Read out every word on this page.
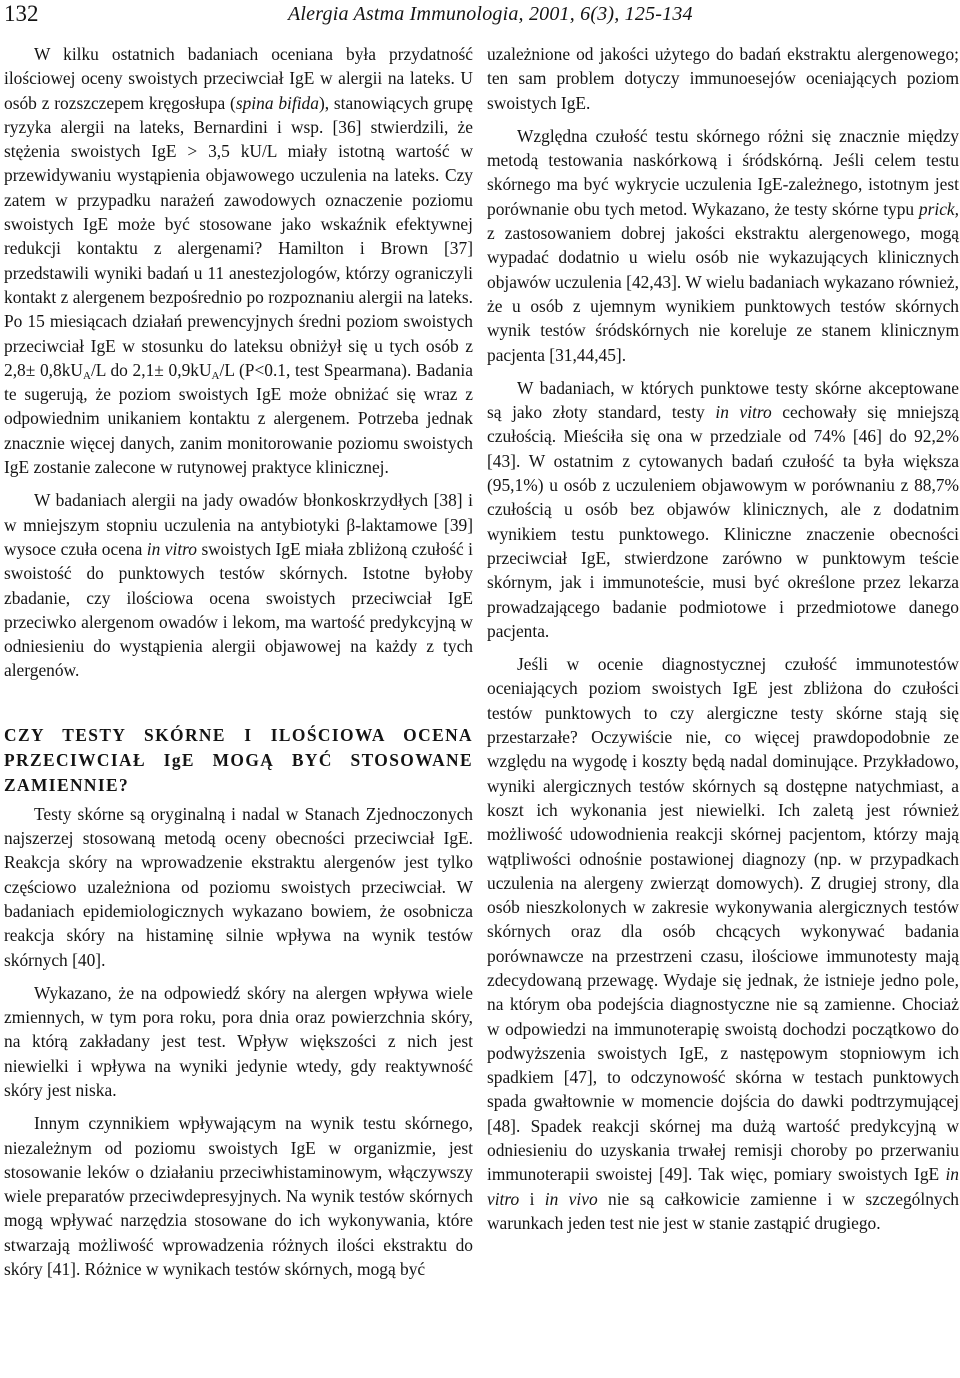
132	Alergia Astma Immunologia, 2001, 6(3), 125-134

W kilku ostatnich badaniach oceniana była przydatność ilościowej oceny swoistych przeciwciał IgE w alergii na lateks. U osób z rozszczepem kręgosłupa (spina bifida), stanowiących grupę ryzyka alergii na lateks, Bernardini i wsp. [36] stwierdzili, że stężenia swoistych IgE > 3,5 kU/L miały istotną wartość w przewidywaniu wystąpienia objawowego uczulenia na lateks. Czy zatem w przypadku narażeń zawodowych oznaczenie poziomu swoistych IgE może być stosowane jako wskaźnik efektywnej redukcji kontaktu z alergenami? Hamilton i Brown [37] przedstawili wyniki badań u 11 anestezjologów, którzy ograniczyli kontakt z alergenem bezpośrednio po rozpoznaniu alergii na lateks. Po 15 miesiącach działań prewencyjnych średni poziom swoistych przeciwciał IgE w stosunku do lateksu obniżył się u tych osób z $2,8\pm 0,8kU_A/L$ do $2,1\pm 0,9kU_A/L$ (P<0.1, test Spearmana). Badania te sugerują, że poziom swoistych IgE może obniżać się wraz z odpowiednim unikaniem kontaktu z alergenem. Potrzeba jednak znacznie więcej danych, zanim monitorowanie poziomu swoistych IgE zostanie zalecone w rutynowej praktyce klinicznej.

W badaniach alergii na jady owadów błonkoskrzydłych [38] i w mniejszym stopniu uczulenia na antybiotyki β-laktamowe [39] wysoce czuła ocena in vitro swoistych IgE miała zbliżoną czułość i swoistość do punktowych testów skórnych. Istotne byłoby zbadanie, czy ilościowa ocena swoistych przeciwciał IgE przeciwko alergenom owadów i lekom, ma wartość predykcyjną w odniesieniu do wystąpienia alergii objawowej na każdy z tych alergenów.

CZY TESTY SKÓRNE I ILOŚCIOWA OCENA PRZECIWCIAŁ IgE MOGĄ BYĆ STOSOWANE ZAMIENNIE?

Testy skórne są oryginalną i nadal w Stanach Zjednoczonych najszerzej stosowaną metodą oceny obecności przeciwciał IgE. Reakcja skóry na wprowadzenie ekstraktu alergenów jest tylko częściowo uzależniona od poziomu swoistych przeciwciał. W badaniach epidemiologicznych wykazano bowiem, że osobnicza reakcja skóry na histaminę silnie wpływa na wynik testów skórnych [40].

Wykazano, że na odpowiedź skóry na alergen wpływa wiele zmiennych, w tym pora roku, pora dnia oraz powierzchnia skóry, na którą zakładany jest test. Wpływ większości z nich jest niewielki i wpływa na wyniki jedynie wtedy, gdy reaktywność skóry jest niska.

Innym czynnikiem wpływającym na wynik testu skórnego, niezależnym od poziomu swoistych IgE w organizmie, jest stosowanie leków o działaniu przeciwhistaminowym, włączywszy wiele preparatów przeciwdepresyjnych. Na wynik testów skórnych mogą wpływać narzędzia stosowane do ich wykonywania, które stwarzają możliwość wprowadzenia różnych ilości ekstraktu do skóry [41]. Różnice w wynikach testów skórnych, mogą być

uzależnione od jakości użytego do badań ekstraktu alergenowego; ten sam problem dotyczy immunoesejów oceniających poziom swoistych IgE.

Względna czułość testu skórnego różni się znacznie między metodą testowania naskórkową i śródskórną. Jeśli celem testu skórnego ma być wykrycie uczulenia IgE-zależnego, istotnym jest porównanie obu tych metod. Wykazano, że testy skórne typu prick, z zastosowaniem dobrej jakości ekstraktu alergenowego, mogą wypadać dodatnio u wielu osób nie wykazujących klinicznych objawów uczulenia [42,43]. W wielu badaniach wykazano również, że u osób z ujemnym wynikiem punktowych testów skórnych wynik testów śródskórnych nie koreluje ze stanem klinicznym pacjenta [31,44,45].

W badaniach, w których punktowe testy skórne akceptowane są jako złoty standard, testy in vitro cechowały się mniejszą czułością. Mieściła się ona w przedziale od 74% [46] do 92,2% [43]. W ostatnim z cytowanych badań czułość ta była większa (95,1%) u osób z uczuleniem objawowym w porównaniu z 88,7% czułością u osób bez objawów klinicznych, ale z dodatnim wynikiem testu punktowego. Kliniczne znaczenie obecności przeciwciał IgE, stwierdzone zarówno w punktowym teście skórnym, jak i immunoteście, musi być określone przez lekarza prowadzającego badanie podmiotowe i przedmiotowe danego pacjenta.

Jeśli w ocenie diagnostycznej czułość immunotestów oceniających poziom swoistych IgE jest zbliżona do czułości testów punktowych to czy alergiczne testy skórne stają się przestarzałe? Oczywiście nie, co więcej prawdopodobnie ze względu na wygodę i koszty będą nadal dominujące. Przykładowo, wyniki alergicznych testów skórnych są dostępne natychmiast, a koszt ich wykonania jest niewielki. Ich zaletą jest również możliwość udowodnienia reakcji skórnej pacjentom, którzy mają wątpliwości odnośnie postawionej diagnozy (np. w przypadkach uczulenia na alergeny zwierząt domowych). Z drugiej strony, dla osób nieszkolonych w zakresie wykonywania alergicznych testów skórnych oraz dla osób chcących wykonywać badania porównawcze na przestrzeni czasu, ilościowe immunotesty mają zdecydowaną przewagę. Wydaje się jednak, że istnieje jedno pole, na którym oba podejścia diagnostyczne nie są zamienne. Chociaż w odpowiedzi na immunoterapię swoistą dochodzi początkowo do podwyższenia swoistych IgE, z następowym stopniowym ich spadkiem [47], to odczynowość skórna w testach punktowych spada gwałtownie w momencie dojścia do dawki podtrzymującej [48]. Spadek reakcji skórnej ma dużą wartość predykcyjną w odniesieniu do uzyskania trwałej remisji choroby po przerwaniu immunoterapii swoistej [49]. Tak więc, pomiary swoistych IgE in vitro i in vivo nie są całkowicie zamienne i w szczególnych warunkach jeden test nie jest w stanie zastąpić drugiego.
